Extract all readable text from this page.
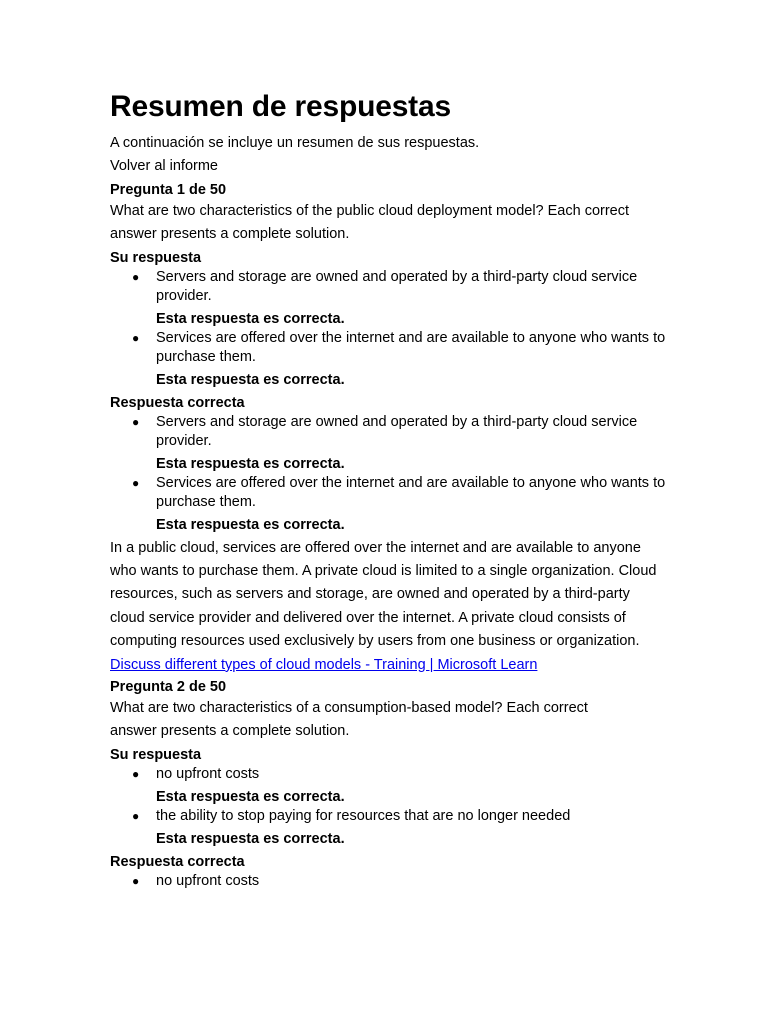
Resumen de respuestas

A continuación se incluye un resumen de sus respuestas.

Volver al informe

Pregunta 1 de 50

What are two characteristics of the public cloud deployment model? Each correct answer presents a complete solution.

Su respuesta

● Servers and storage are owned and operated by a third-party cloud service provider.
Esta respuesta es correcta.
● Services are offered over the internet and are available to anyone who wants to purchase them.
Esta respuesta es correcta.

Respuesta correcta

● Servers and storage are owned and operated by a third-party cloud service provider.
Esta respuesta es correcta.
● Services are offered over the internet and are available to anyone who wants to purchase them.
Esta respuesta es correcta.

In a public cloud, services are offered over the internet and are available to anyone who wants to purchase them. A private cloud is limited to a single organization. Cloud resources, such as servers and storage, are owned and operated by a third-party cloud service provider and delivered over the internet. A private cloud consists of computing resources used exclusively by users from one business or organization.

Discuss different types of cloud models - Training | Microsoft Learn

Pregunta 2 de 50

What are two characteristics of a consumption-based model? Each correct answer presents a complete solution.

Su respuesta

● no upfront costs
Esta respuesta es correcta.
● the ability to stop paying for resources that are no longer needed
Esta respuesta es correcta.

Respuesta correcta

● no upfront costs
